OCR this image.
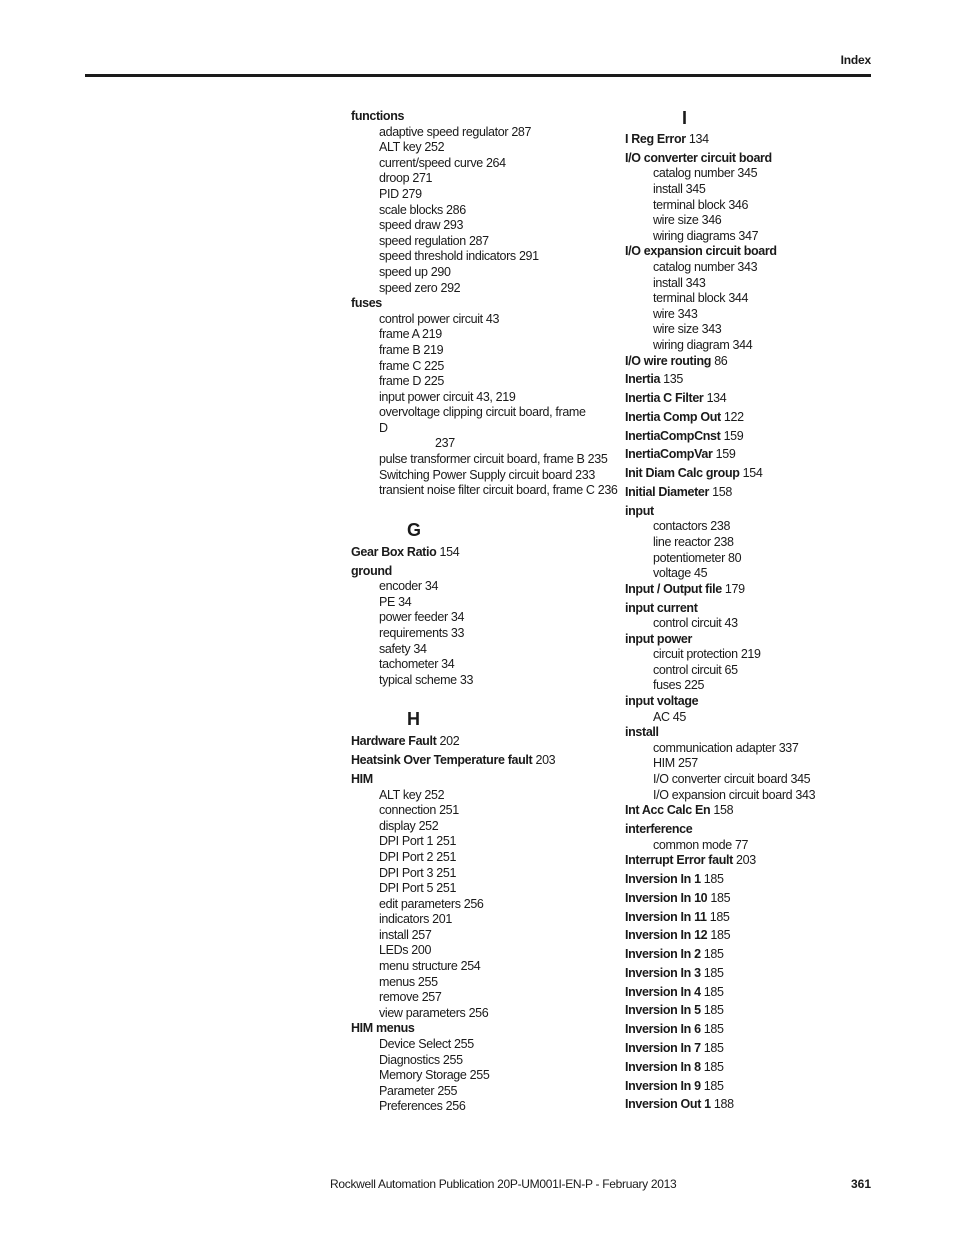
Index
functions
adaptive speed regulator 287
ALT key 252
current/speed curve 264
droop 271
PID 279
scale blocks 286
speed draw 293
speed regulation 287
speed threshold indicators 291
speed up 290
speed zero 292
fuses
control power circuit 43
frame A 219
frame B 219
frame C 225
frame D 225
input power circuit 43, 219
overvoltage clipping circuit board, frame D
237
pulse transformer circuit board, frame B 235
Switching Power Supply circuit board 233
transient noise filter circuit board, frame C 236
G
Gear Box Ratio 154
ground
encoder 34
PE 34
power feeder 34
requirements 33
safety 34
tachometer 34
typical scheme 33
H
Hardware Fault 202
Heatsink Over Temperature fault 203
HIM
ALT key 252
connection 251
display 252
DPI Port 1 251
DPI Port 2 251
DPI Port 3 251
DPI Port 5 251
edit parameters 256
indicators 201
install 257
LEDs 200
menu structure 254
menus 255
remove 257
view parameters 256
HIM menus
Device Select 255
Diagnostics 255
Memory Storage 255
Parameter 255
Preferences 256
I
I Reg Error 134
I/O converter circuit board
catalog number 345
install 345
terminal block 346
wire size 346
wiring diagrams 347
I/O expansion circuit board
catalog number 343
install 343
terminal block 344
wire 343
wire size 343
wiring diagram 344
I/O wire routing 86
Inertia 135
Inertia C Filter 134
Inertia Comp Out 122
InertiaCompCnst 159
InertiaCompVar 159
Init Diam Calc group 154
Initial Diameter 158
input
contactors 238
line reactor 238
potentiometer 80
voltage 45
Input / Output file 179
input current
control circuit 43
input power
circuit protection 219
control circuit 65
fuses 225
input voltage
AC 45
install
communication adapter 337
HIM 257
I/O converter circuit board 345
I/O expansion circuit board 343
Int Acc Calc En 158
interference
common mode 77
Interrupt Error fault 203
Inversion In 1 185
Inversion In 10 185
Inversion In 11 185
Inversion In 12 185
Inversion In 2 185
Inversion In 3 185
Inversion In 4 185
Inversion In 5 185
Inversion In 6 185
Inversion In 7 185
Inversion In 8 185
Inversion In 9 185
Inversion Out 1 188
Rockwell Automation Publication 20P-UM001I-EN-P - February 2013	361
